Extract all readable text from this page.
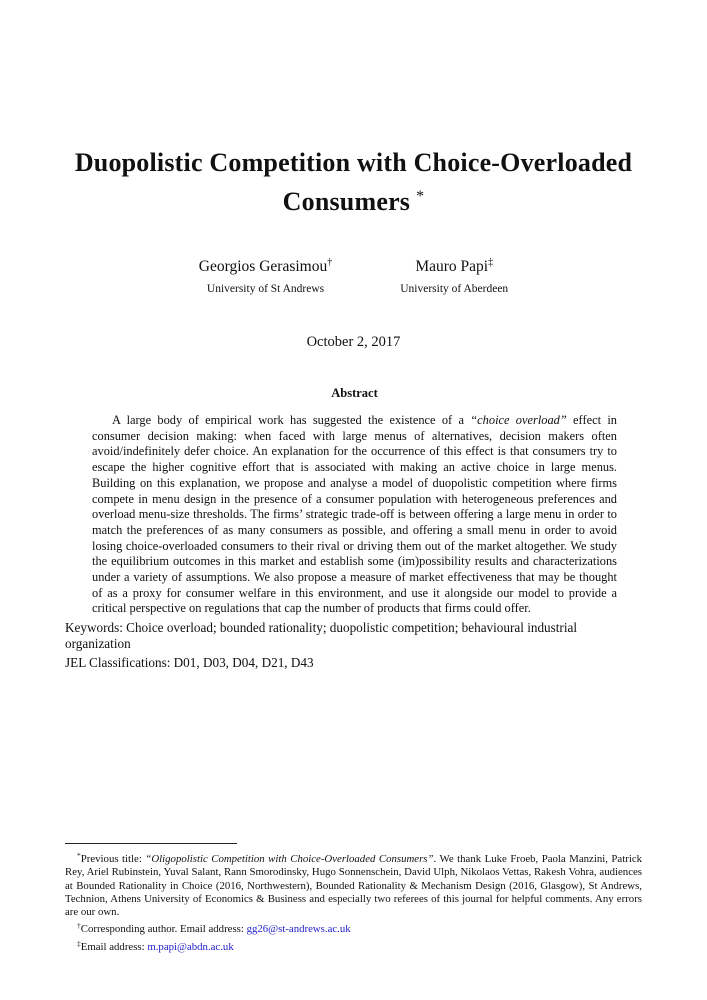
Duopolistic Competition with Choice-Overloaded
Consumers *
Georgios Gerasimou†
University of St Andrews

Mauro Papi‡
University of Aberdeen
October 2, 2017
Abstract
A large body of empirical work has suggested the existence of a “choice overload” effect in consumer decision making: when faced with large menus of alternatives, decision makers often avoid/indefinitely defer choice. An explanation for the occurrence of this effect is that consumers try to escape the higher cognitive effort that is associated with making an active choice in large menus. Building on this explanation, we propose and analyse a model of duopolistic competition where firms compete in menu design in the presence of a consumer population with heterogeneous preferences and overload menu-size thresholds. The firms’ strategic trade-off is between offering a large menu in order to match the preferences of as many consumers as possible, and offering a small menu in order to avoid losing choice-overloaded consumers to their rival or driving them out of the market altogether. We study the equilibrium outcomes in this market and establish some (im)possibility results and characterizations under a variety of assumptions. We also propose a measure of market effectiveness that may be thought of as a proxy for consumer welfare in this environment, and use it alongside our model to provide a critical perspective on regulations that cap the number of products that firms could offer.
Keywords: Choice overload; bounded rationality; duopolistic competition; behavioural industrial organization
JEL Classifications: D01, D03, D04, D21, D43
*Previous title: “Oligopolistic Competition with Choice-Overloaded Consumers”. We thank Luke Froeb, Paola Manzini, Patrick Rey, Ariel Rubinstein, Yuval Salant, Rann Smorodinsky, Hugo Sonnenschein, David Ulph, Nikolaos Vettas, Rakesh Vohra, audiences at Bounded Rationality in Choice (2016, Northwestern), Bounded Rationality & Mechanism Design (2016, Glasgow), St Andrews, Technion, Athens University of Economics & Business and especially two referees of this journal for helpful comments. Any errors are our own.
†Corresponding author. Email address: gg26@st-andrews.ac.uk
‡Email address: m.papi@abdn.ac.uk
